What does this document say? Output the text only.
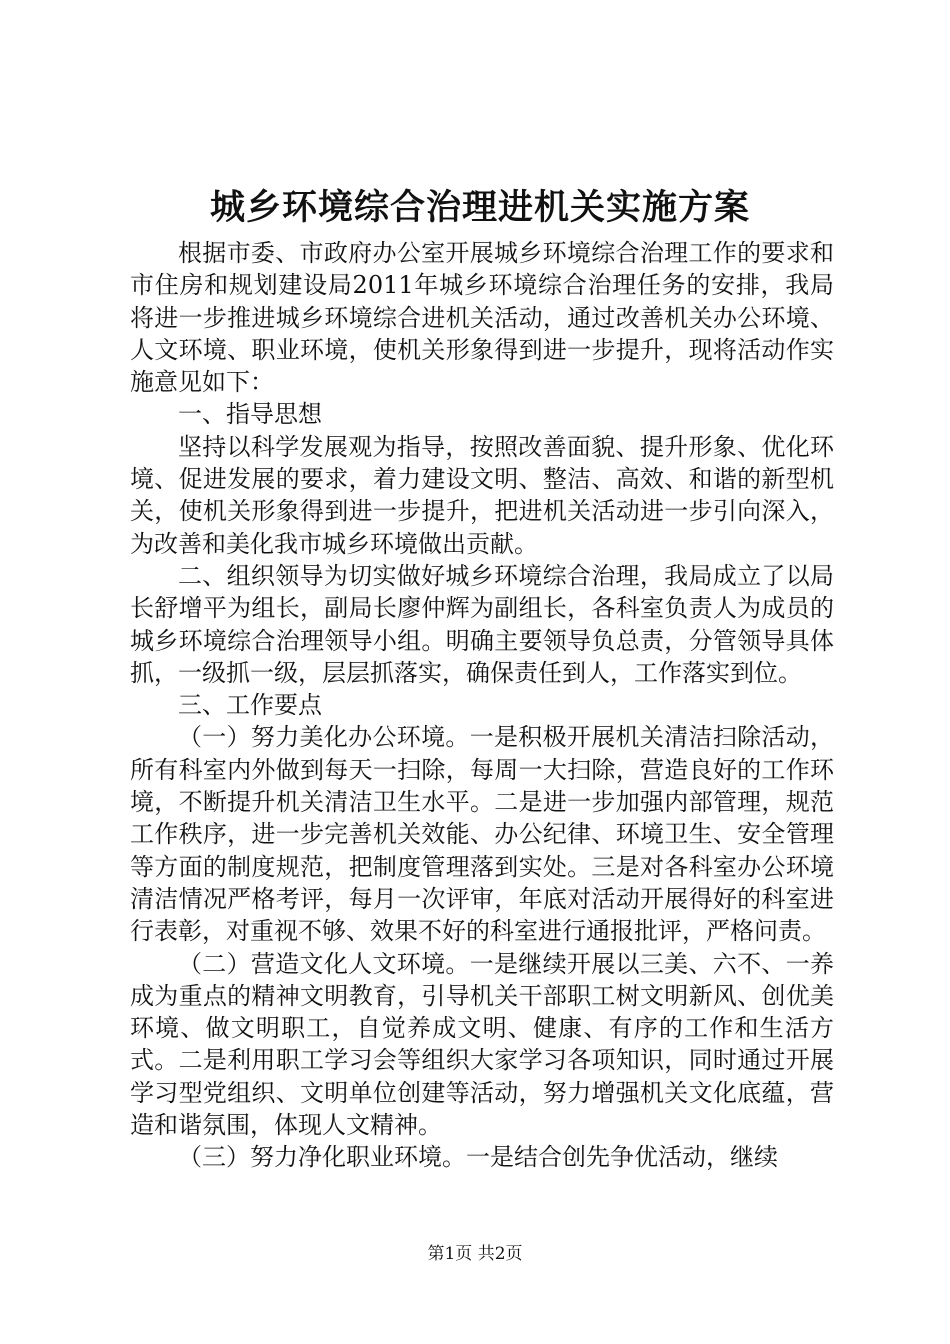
城乡环境综合治理进机关实施方案

根据市委、市政府办公室开展城乡环境综合治理工作的要求和市住房和规划建设局2011年城乡环境综合治理任务的安排，我局将进一步推进城乡环境综合进机关活动，通过改善机关办公环境、人文环境、职业环境，使机关形象得到进一步提升，现将活动作实施意见如下：

一、指导思想

坚持以科学发展观为指导，按照改善面貌、提升形象、优化环境、促进发展的要求，着力建设文明、整洁、高效、和谐的新型机关，使机关形象得到进一步提升，把进机关活动进一步引向深入，为改善和美化我市城乡环境做出贡献。

二、组织领导为切实做好城乡环境综合治理，我局成立了以局长舒增平为组长，副局长廖仲辉为副组长，各科室负责人为成员的城乡环境综合治理领导小组。明确主要领导负总责，分管领导具体抓，一级抓一级，层层抓落实，确保责任到人，工作落实到位。

三、工作要点

（一）努力美化办公环境。一是积极开展机关清洁扫除活动，所有科室内外做到每天一扫除，每周一大扫除，营造良好的工作环境，不断提升机关清洁卫生水平。二是进一步加强内部管理，规范工作秩序，进一步完善机关效能、办公纪律、环境卫生、安全管理等方面的制度规范，把制度管理落到实处。三是对各科室办公环境清洁情况严格考评，每月一次评审，年底对活动开展得好的科室进行表彰，对重视不够、效果不好的科室进行通报批评，严格问责。

（二）营造文化人文环境。一是继续开展以三美、六不、一养成为重点的精神文明教育，引导机关干部职工树文明新风、创优美环境、做文明职工，自觉养成文明、健康、有序的工作和生活方式。二是利用职工学习会等组织大家学习各项知识，同时通过开展学习型党组织、文明单位创建等活动，努力增强机关文化底蕴，营造和谐氛围，体现人文精神。

（三）努力净化职业环境。一是结合创先争优活动，继续

第1页 共2页
